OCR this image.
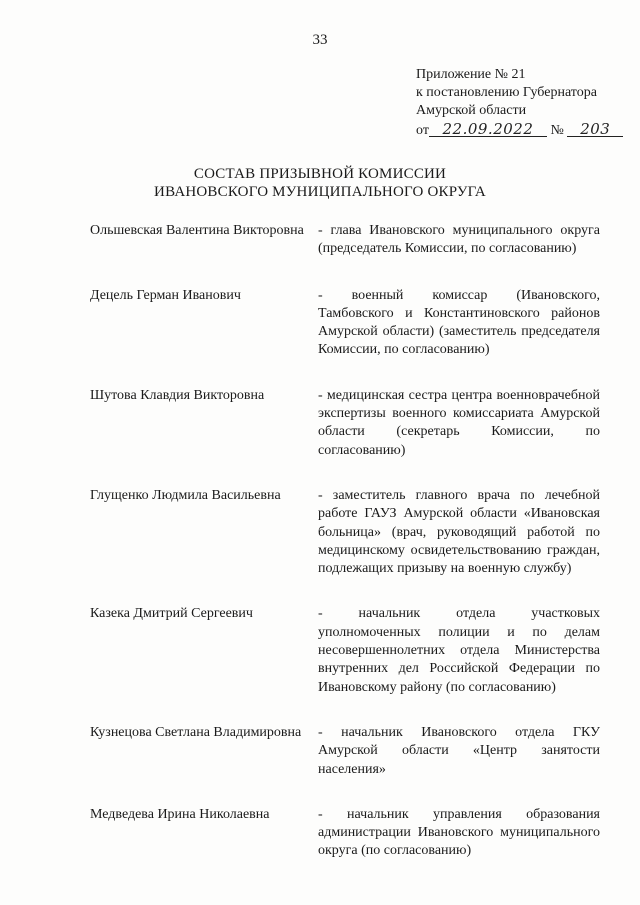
33
Приложение № 21
к постановлению Губернатора
Амурской области
от 22.09.2022 № 203
СОСТАВ ПРИЗЫВНОЙ КОМИССИИ
ИВАНОВСКОГО МУНИЦИПАЛЬНОГО ОКРУГА
Ольшевская Валентина Викторовна	- глава Ивановского муниципального округа (председатель Комиссии, по согласованию)
Децель Герман Иванович	- военный комиссар (Ивановского, Тамбовского и Константиновского районов Амурской области) (заместитель председателя Комиссии, по согласованию)
Шутова Клавдия Викторовна	- медицинская сестра центра военноврачебной экспертизы военного комиссариата Амурской области (секретарь Комиссии, по согласованию)
Глущенко Людмила Васильевна	- заместитель главного врача по лечебной работе ГАУЗ Амурской области «Ивановская больница» (врач, руководящий работой по медицинскому освидетельствованию граждан, подлежащих призыву на военную службу)
Казека Дмитрий Сергеевич	- начальник отдела участковых уполномоченных полиции и по делам несовершеннолетних отдела Министерства внутренних дел Российской Федерации по Ивановскому району (по согласованию)
Кузнецова Светлана Владимировна	- начальник Ивановского отдела ГКУ Амурской области «Центр занятости населения»
Медведева Ирина Николаевна	- начальник управления образования администрации Ивановского муниципального округа (по согласованию)
